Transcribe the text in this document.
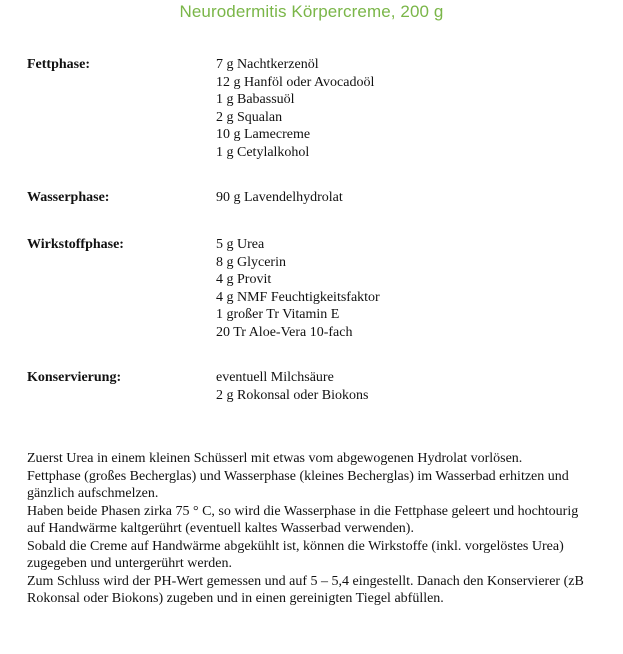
Neurodermitis Körpercreme, 200 g
Fettphase:	7 g Nachtkerzenöl
12 g Hanföl oder Avocadoöl
1 g Babassuöl
2 g Squalan
10 g Lamecreme
1 g Cetylalkohol
Wasserphase:	90 g Lavendelhydrolat
Wirkstoffphase:	5 g Urea
8 g Glycerin
4 g Provit
4 g NMF Feuchtigkeitsfaktor
1 großer Tr Vitamin E
20 Tr Aloe-Vera 10-fach
Konservierung:	eventuell Milchsäure
2 g Rokonsal oder Biokons

Zuerst Urea in einem kleinen Schüsserl mit etwas vom abgewogenen Hydrolat vorlösen.

Fettphase (großes Becherglas) und Wasserphase (kleines Becherglas) im Wasserbad erhitzen und gänzlich aufschmelzen.

Haben beide Phasen zirka 75 ° C, so wird die Wasserphase in die Fettphase geleert und hochtourig auf Handwärme kaltgerührt (eventuell kaltes Wasserbad verwenden).

Sobald die Creme auf Handwärme abgekühlt ist, können die Wirkstoffe (inkl. vorgelöstes Urea) zugegeben und untergerührt werden.

Zum Schluss wird der PH-Wert gemessen und auf 5 – 5,4 eingestellt. Danach den Konservierer (zB Rokonsal oder Biokons) zugeben und in einen gereinigten Tiegel abfüllen.
